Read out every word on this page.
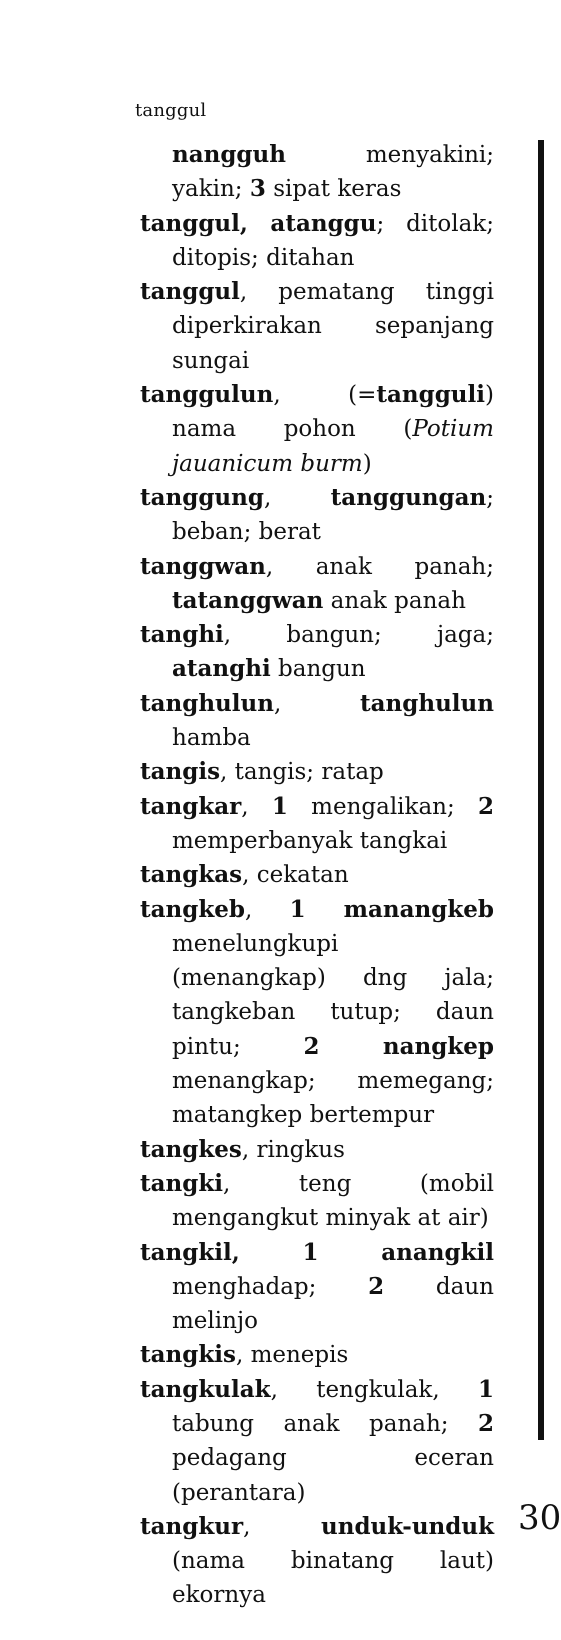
tanggul

nangguh menyakini; yakin; 3 sipat keras

tanggul, atanggu; ditolak; ditopis; ditahan

tanggul, pematang tinggi diperkirakan sepanjang sungai

tanggulun, (=tangguli) nama pohon (Potium jauanicum burm)

tanggung, tanggungan; beban; berat

tanggwan, anak panah; tatanggwan anak panah

tanghi, bangun; jaga; atanghi bangun

tanghulun, tanghulun hamba

tangis, tangis; ratap

tangkar, 1 mengalikan; 2 memperbanyak tangkai

tangkas, cekatan

tangkeb, 1 manangkeb menelungkupi (menangkap) dng jala; tangkeban tutup; daun pintu; 2 nangkep menangkap; memegang; matangkep bertempur

tangkes, ringkus

tangki, teng (mobil mengangkut minyak at air)

tangkil, 1 anangkil menghadap; 2 daun melinjo

tangkis, menepis

tangkulak, tengkulak, 1 tabung anak panah; 2 pedagang eceran (perantara)

tangkur, unduk-unduk (nama binatang laut) ekornya

30
